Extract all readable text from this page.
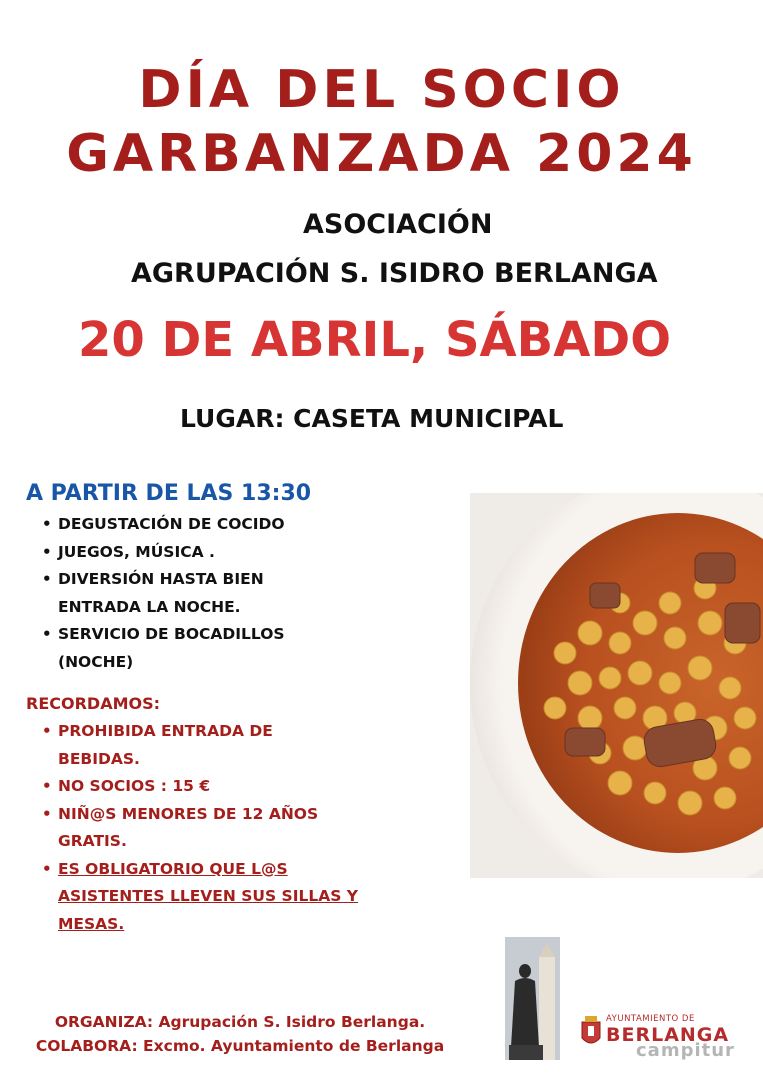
DÍA DEL SOCIO
GARBANZADA 2024
ASOCIACIÓN
AGRUPACIÓN S. ISIDRO BERLANGA
20 DE ABRIL, SÁBADO
LUGAR: CASETA MUNICIPAL
A PARTIR DE LAS 13:30
• DEGUSTACIÓN DE COCIDO
• JUEGOS, MÚSICA .
• DIVERSIÓN HASTA BIEN ENTRADA LA NOCHE.
• SERVICIO DE BOCADILLOS (NOCHE)
RECORDAMOS:
• PROHIBIDA ENTRADA DE BEBIDAS.
• NO SOCIOS : 15 €
• NIÑ@S MENORES DE 12 AÑOS GRATIS.
• ES OBLIGATORIO QUE L@S ASISTENTES LLEVEN SUS SILLAS Y MESAS.
ORGANIZA: Agrupación S. Isidro Berlanga.
COLABORA: Excmo. Ayuntamiento de Berlanga
AYUNTAMIENTO DE
BERLANGA
campitur
